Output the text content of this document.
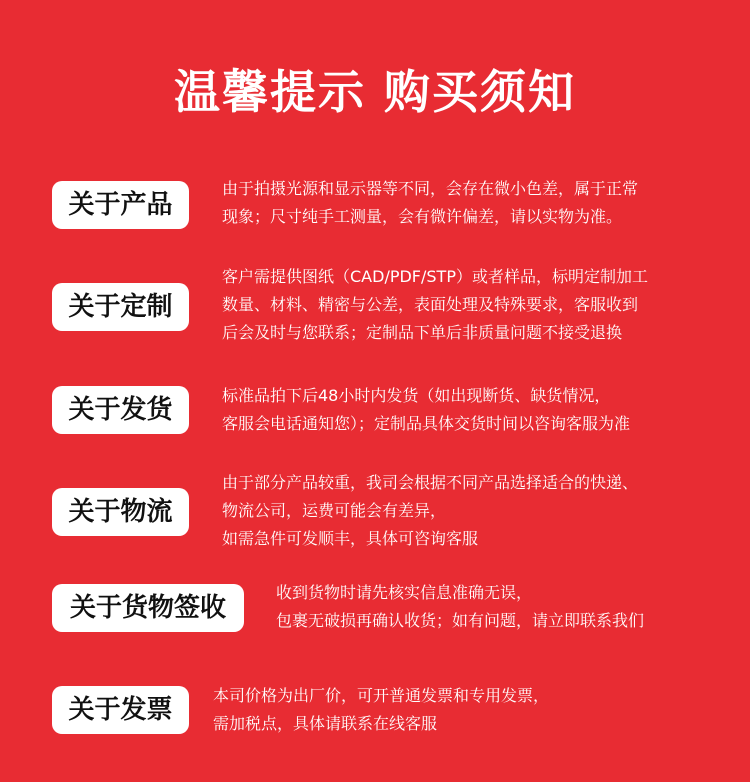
温馨提示 购买须知
关于产品
由于拍摄光源和显示器等不同，会存在微小色差，属于正常
现象；尺寸纯手工测量，会有微许偏差，请以实物为准。
关于定制
客户需提供图纸（CAD/PDF/STP）或者样品，标明定制加工
数量、材料、精密与公差，表面处理及特殊要求，客服收到
后会及时与您联系；定制品下单后非质量问题不接受退换
关于发货	标准品拍下后48小时内发货（如出现断货、缺货情况，
客服会电话通知您）；定制品具体交货时间以咨询客服为准
关于物流
由于部分产品较重，我司会根据不同产品选择适合的快递、
物流公司，运费可能会有差异，
如需急件可发顺丰，具体可咨询客服
关于货物签收
收到货物时请先核实信息准确无误，
包裹无破损再确认收货；如有问题，请立即联系我们
关于发票	本司价格为出厂价，可开普通发票和专用发票，
需加税点，具体请联系在线客服
